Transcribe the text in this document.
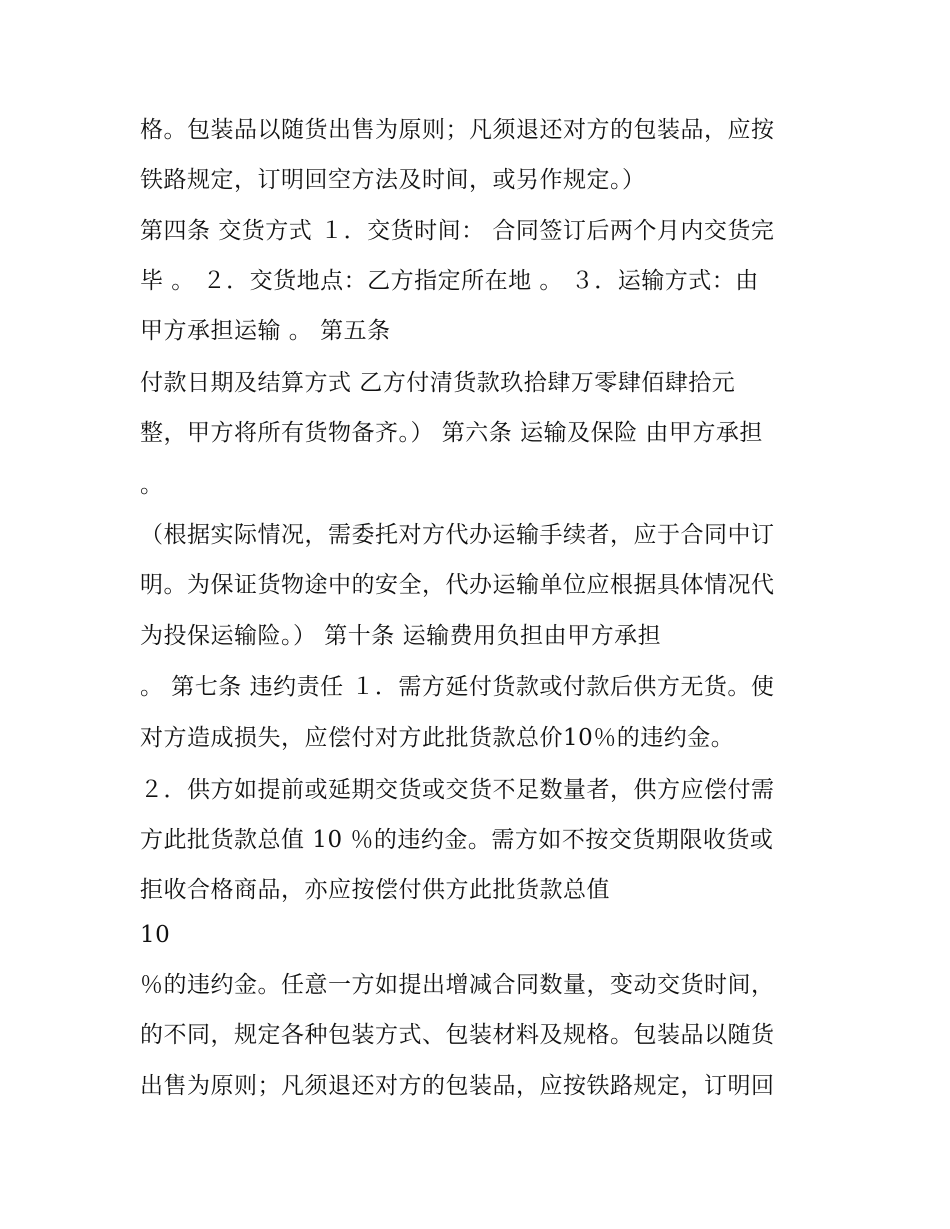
格。包装品以随货出售为原则；凡须退还对方的包装品，应按
铁路规定，订明回空方法及时间，或另作规定。）
第四条 交货方式 １．交货时间： 合同签订后两个月内交货完
毕 。 ２．交货地点：乙方指定所在地 。 ３．运输方式：由
甲方承担运输 。 第五条
付款日期及结算方式 乙方付清货款玖拾肆万零肆佰肆拾元
整，甲方将所有货物备齐。） 第六条 运输及保险 由甲方承担
。
（根据实际情况，需委托对方代办运输手续者，应于合同中订
明。为保证货物途中的安全，代办运输单位应根据具体情况代
为投保运输险。） 第十条 运输费用负担由甲方承担
。 第七条 违约责任 １．需方延付货款或付款后供方无货。使
对方造成损失，应偿付对方此批货款总价10％的违约金。
２．供方如提前或延期交货或交货不足数量者，供方应偿付需
方此批货款总值 10 ％的违约金。需方如不按交货期限收货或
拒收合格商品，亦应按偿付供方此批货款总值
10
％的违约金。任意一方如提出增减合同数量，变动交货时间，
的不同，规定各种包装方式、包装材料及规格。包装品以随货
出售为原则；凡须退还对方的包装品，应按铁路规定，订明回
